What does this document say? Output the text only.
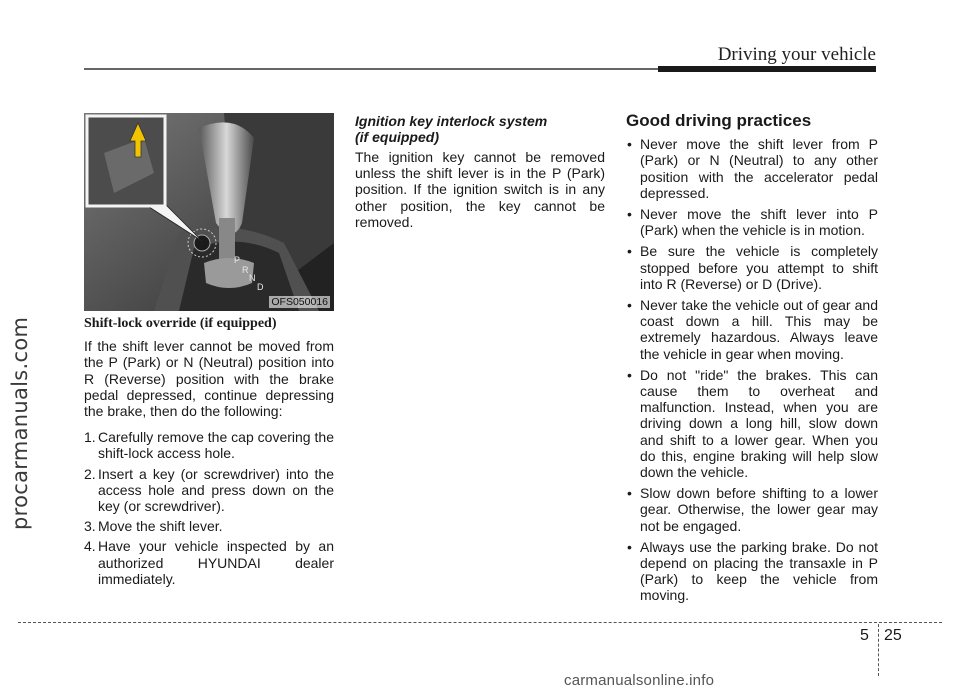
procarmanuals.com
Driving your vehicle
P
R
N
D
OFS050016

Shift-lock override (if equipped)

If the shift lever cannot be moved from the P (Park) or N (Neutral) position into R (Reverse) position with the brake pedal depressed, continue depressing the brake, then do the following:

1. Carefully remove the cap covering the shift-lock access hole.
2. Insert a key (or screwdriver) into the access hole and press down on the key (or screwdriver).
3. Move the shift lever.
4. Have your vehicle inspected by an authorized HYUNDAI dealer immediately.

Ignition key interlock system
(if equipped)

The ignition key cannot be removed unless the shift lever is in the P (Park) position. If the ignition switch is in any other position, the key cannot be removed.

Good driving practices

• Never move the shift lever from P (Park) or N (Neutral) to any other position with the accelerator pedal depressed.
• Never move the shift lever into P (Park) when the vehicle is in motion.
• Be sure the vehicle is completely stopped before you attempt to shift into R (Reverse) or D (Drive).
• Never take the vehicle out of gear and coast down a hill. This may be extremely hazardous. Always leave the vehicle in gear when moving.
• Do not "ride" the brakes. This can cause them to overheat and malfunction. Instead, when you are driving down a long hill, slow down and shift to a lower gear. When you do this, engine braking will help slow down the vehicle.
• Slow down before shifting to a lower gear. Otherwise, the lower gear may not be engaged.
• Always use the parking brake. Do not depend on placing the transaxle in P (Park) to keep the vehicle from moving.
5 25
carmanualsonline.info
